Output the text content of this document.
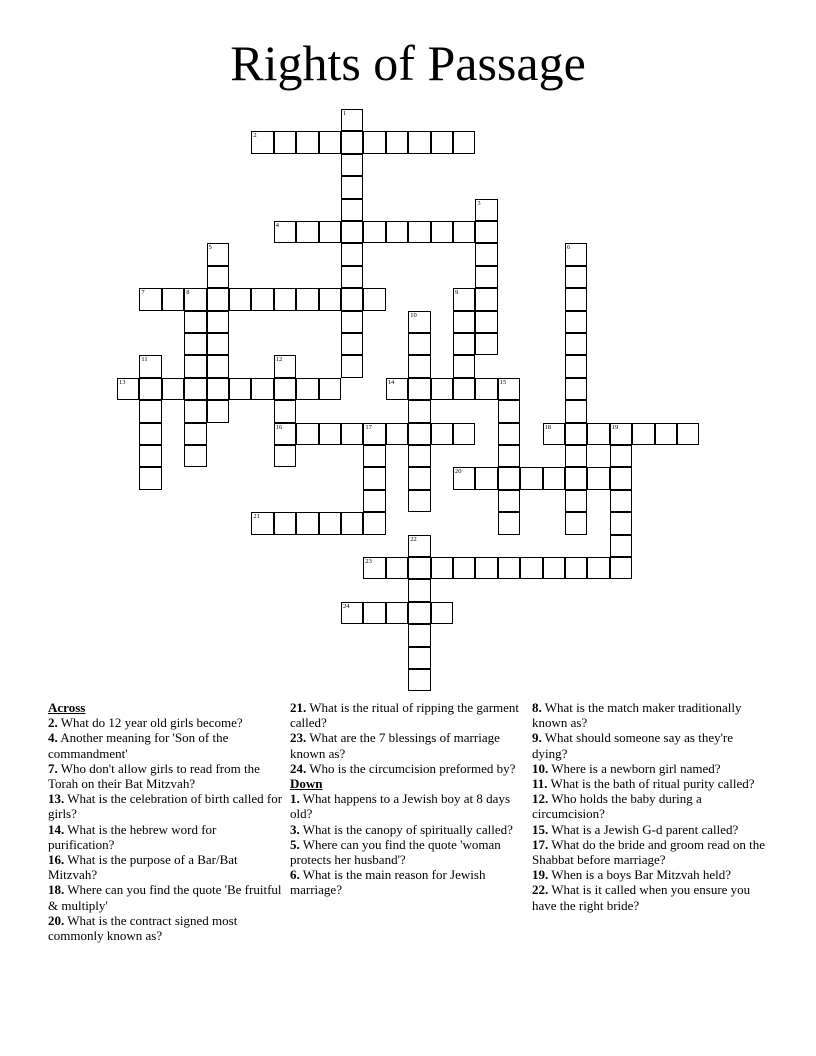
Rights of Passage
1
2
3
4
5	6
7	8	9
10
11	12
16
13	14	15
17	18	19
20
21
22
23
24

Across

2. What do 12 year old girls become?

4. Another meaning for 'Son of the commandment'

7. Who don't allow girls to read from the Torah on their Bat Mitzvah?

13. What is the celebration of birth called for girls?

14. What is the hebrew word for purification?

16. What is the purpose of a Bar/Bat Mitzvah?

18. Where can you find the quote 'Be fruitful & multiply'

20. What is the contract signed most commonly known as?

21. What is the ritual of ripping the garment called?

23. What are the 7 blessings of marriage known as?

24. Who is the circumcision preformed by?

Down

1. What happens to a Jewish boy at 8 days old?

3. What is the canopy of spiritually called?

5. Where can you find the quote 'woman protects her husband'?

6. What is the main reason for Jewish marriage?

8. What is the match maker traditionally known as?

9. What should someone say as they're dying?

10. Where is a newborn girl named?

11. What is the bath of ritual purity called?

12. Who holds the baby during a circumcision?

15. What is a Jewish G-d parent called?

17. What do the bride and groom read on the Shabbat before marriage?

19. When is a boys Bar Mitzvah held?

22. What is it called when you ensure you have the right bride?
